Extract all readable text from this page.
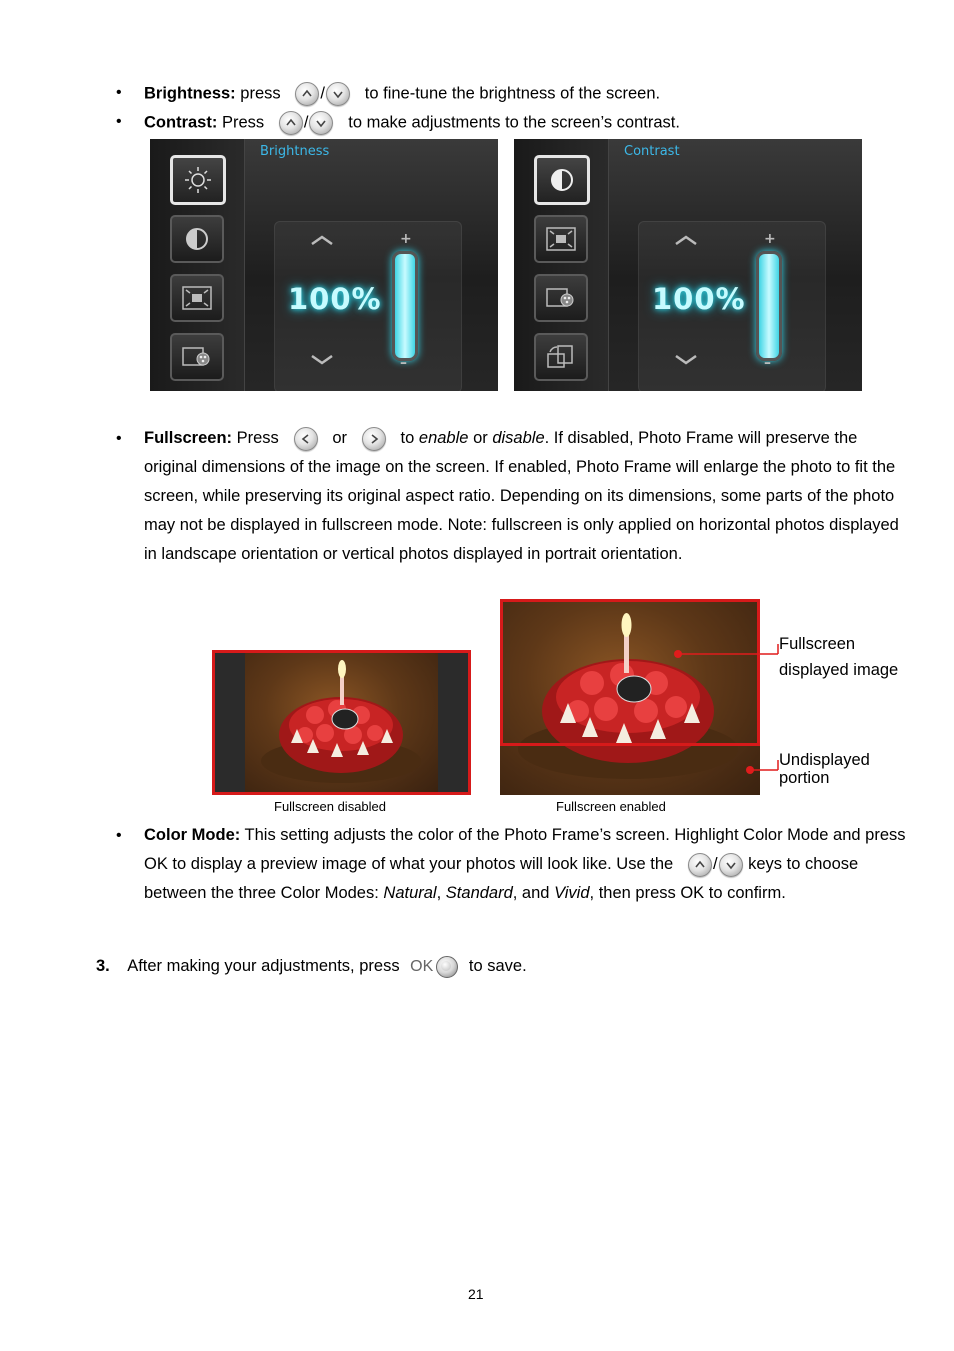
• Brightness: press / to fine-tune the brightness of the screen.
• Contrast: Press / to make adjustments to the screen’s contrast.
Brightness
100%
+
–
Contrast
100%
+
–
• Fullscreen: Press	or	to enable or disable. If disabled, Photo Frame will preserve the original dimensions of the image on the screen. If enabled, Photo Frame will enlarge the photo to fit the screen, while preserving its original aspect ratio. Depending on its dimensions, some parts of the photo may not be displayed in fullscreen mode. Note: fullscreen is only applied on horizontal photos displayed in landscape orientation or vertical photos displayed in portrait orientation.
Fullscreen disabled	Fullscreen enabled
Fullscreen displayed image
Undisplayed portion
• Color Mode: This setting adjusts the color of the Photo Frame’s screen. Highlight Color Mode and press OK to display a preview image of what your photos will look like. Use the / keys to choose between the three Color Modes: Natural, Standard, and Vivid, then press OK to confirm.
3. After making your adjustments, press OK to save.
21
